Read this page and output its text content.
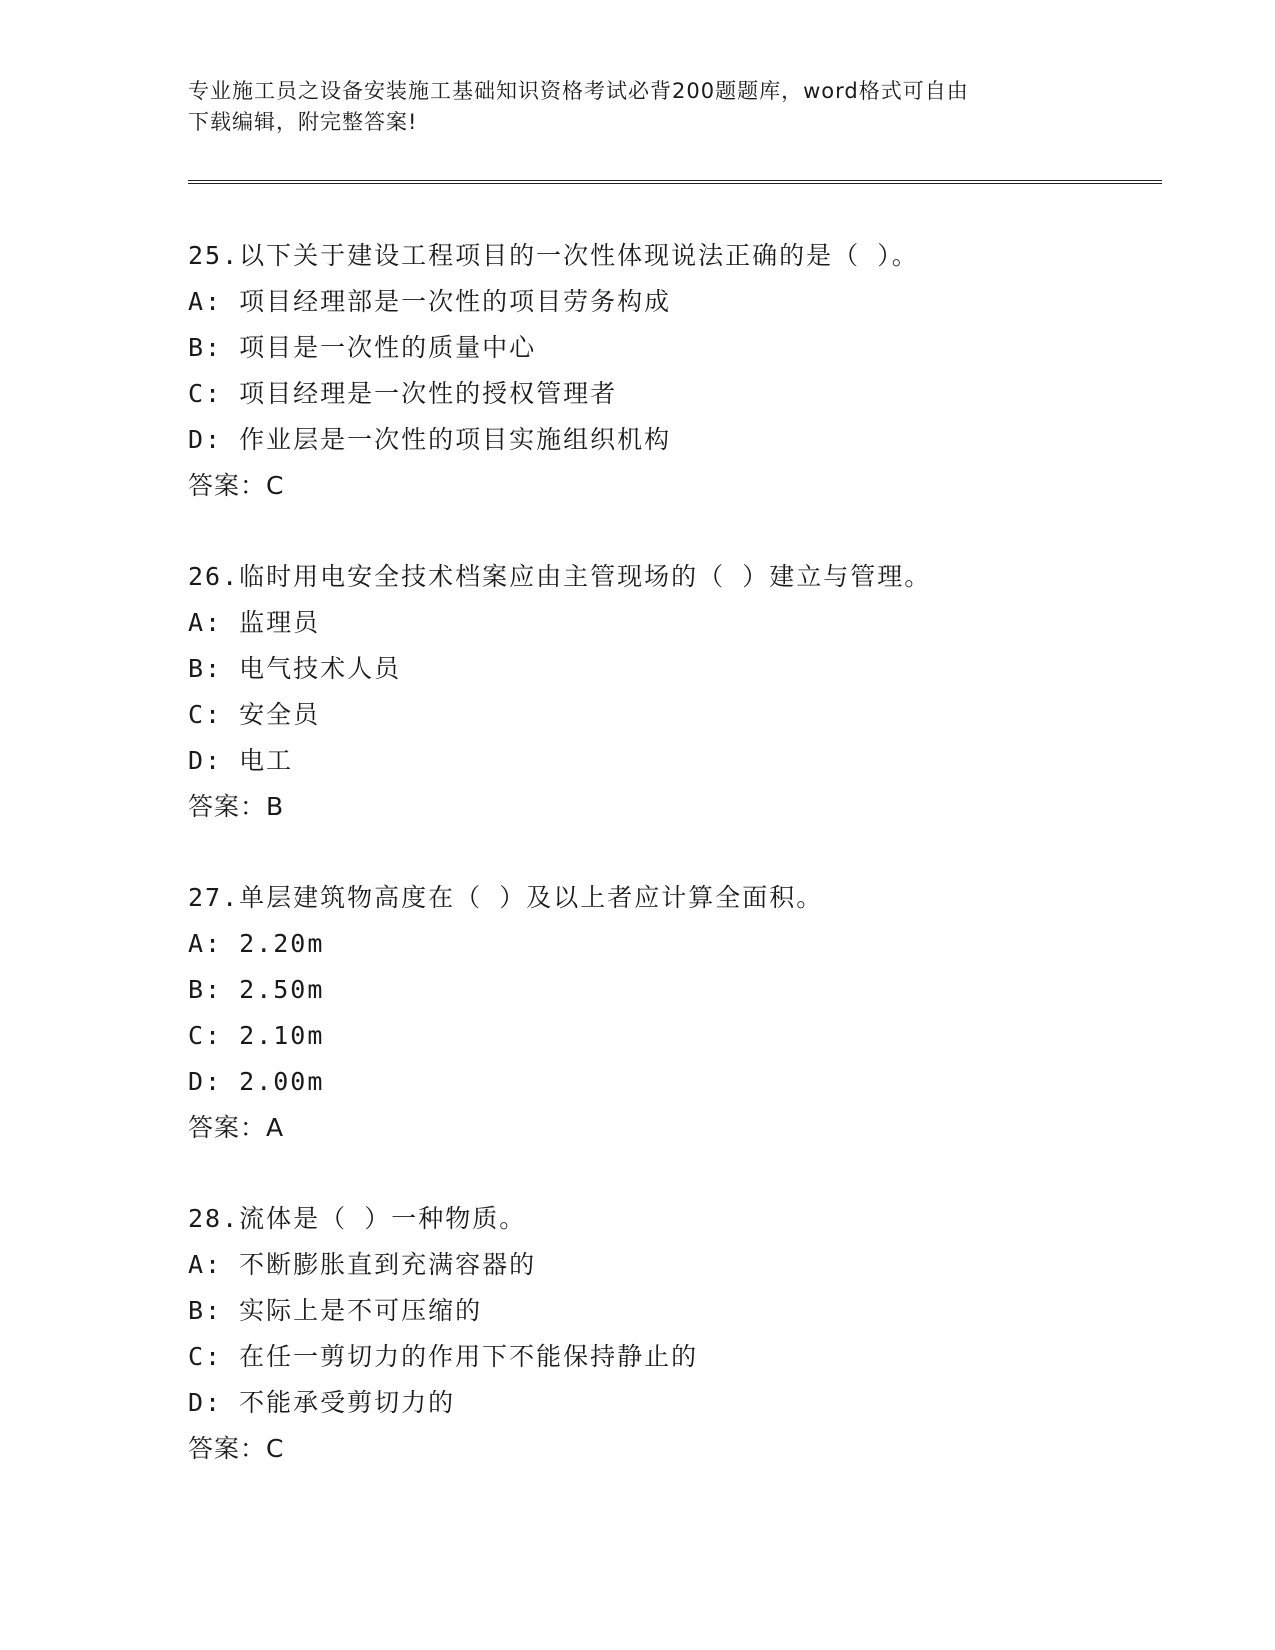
专业施工员之设备安装施工基础知识资格考试必背200题题库，word格式可自由
下载编辑，附完整答案!
25.以下关于建设工程项目的一次性体现说法正确的是（ ）。
A: 项目经理部是一次性的项目劳务构成
B: 项目是一次性的质量中心
C: 项目经理是一次性的授权管理者
D: 作业层是一次性的项目实施组织机构
答案：C
26.临时用电安全技术档案应由主管现场的（ ）建立与管理。
A: 监理员
B: 电气技术人员
C: 安全员
D: 电工
答案：B
27.单层建筑物高度在（ ）及以上者应计算全面积。
A: 2.20m
B: 2.50m
C: 2.10m
D: 2.00m
答案：A
28.流体是（ ）一种物质。
A: 不断膨胀直到充满容器的
B: 实际上是不可压缩的
C: 在任一剪切力的作用下不能保持静止的
D: 不能承受剪切力的
答案：C
